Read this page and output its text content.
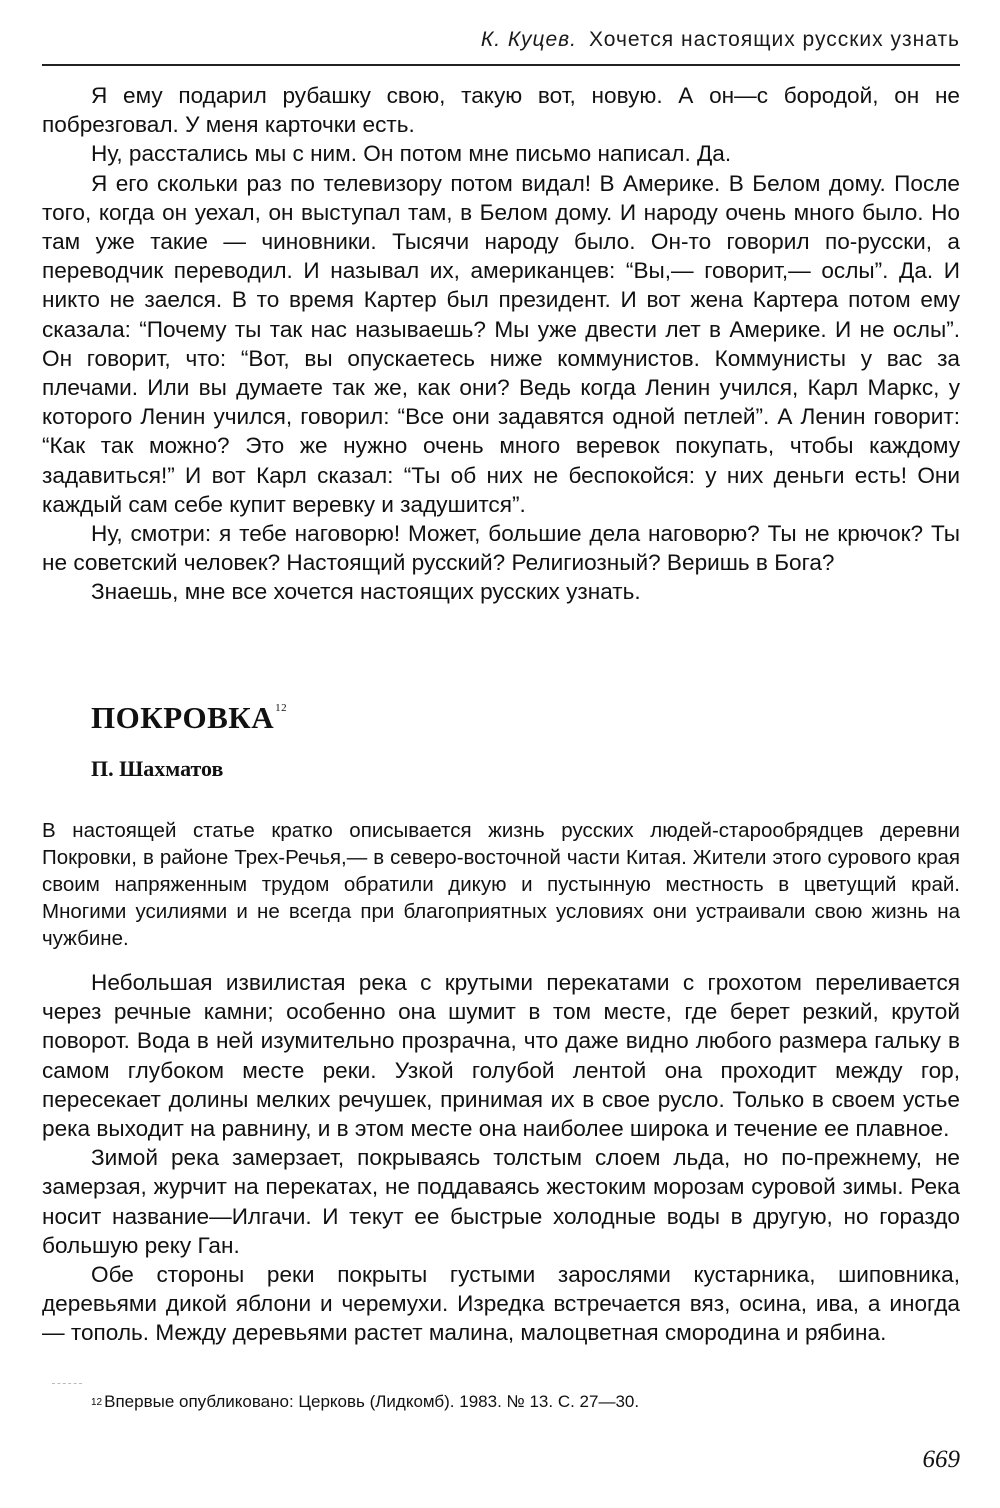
К. Куцев. Хочется настоящих русских узнать

Я ему подарил рубашку свою, такую вот, новую. А он—с бородой, он не побрезговал. У меня карточки есть.

Ну, расстались мы с ним. Он потом мне письмо написал. Да.

Я его скольки раз по телевизору потом видал! В Америке. В Белом дому. После того, когда он уехал, он выступал там, в Белом дому. И народу очень много было. Но там уже такие — чиновники. Тысячи народу было. Он-то говорил по-русски, а переводчик переводил. И называл их, американцев: “Вы,— говорит,— ослы”. Да. И никто не заелся. В то время Картер был президент. И вот жена Картера потом ему сказала: “Почему ты так нас называешь? Мы уже двести лет в Америке. И не ослы”. Он говорит, что: “Вот, вы опускаетесь ниже коммунистов. Коммунисты у вас за плечами. Или вы думаете так же, как они? Ведь когда Ленин учился, Карл Маркс, у которого Ленин учился, говорил: “Все они задавятся одной петлей”. А Ленин говорит: “Как так можно? Это же нужно очень много веревок покупать, чтобы каждому задавиться!” И вот Карл сказал: “Ты об них не беспокойся: у них деньги есть! Они каждый сам себе купит веревку и задушится”.

Ну, смотри: я тебе наговорю! Может, большие дела наговорю? Ты не крючок? Ты не советский человек? Настоящий русский? Религиозный? Веришь в Бога?

Знаешь, мне все хочется настоящих русских узнать.

ПОКРОВКА$^{12}$
П. Шахматов

В настоящей статье кратко описывается жизнь русских людей-старообрядцев деревни Покровки, в районе Трех-Речья,— в северо-восточной части Китая. Жители этого сурового края своим напряженным трудом обратили дикую и пустынную местность в цветущий край. Многими усилиями и не всегда при благоприятных условиях они устраивали свою жизнь на чужбине.

Небольшая извилистая река с крутыми перекатами с грохотом переливается через речные камни; особенно она шумит в том месте, где берет резкий, крутой поворот. Вода в ней изумительно прозрачна, что даже видно любого размера гальку в самом глубоком месте реки. Узкой голубой лентой она проходит между гор, пересекает долины мелких речушек, принимая их в свое русло. Только в своем устье река выходит на равнину, и в этом месте она наиболее широка и течение ее плавное.

Зимой река замерзает, покрываясь толстым слоем льда, но по-прежнему, не замерзая, журчит на перекатах, не поддаваясь жестоким морозам суровой зимы. Река носит название—Илгачи. И текут ее быстрые холодные воды в другую, но гораздо большую реку Ган.

Обе стороны реки покрыты густыми зарослями кустарника, шиповника, деревьями дикой яблони и черемухи. Изредка встречается вяз, осина, ива, а иногда — тополь. Между деревьями растет малина, малоцветная смородина и рябина.

$^{12}$ Впервые опубликовано: Церковь (Лидкомб). 1983. № 13. С. 27—30.

669
